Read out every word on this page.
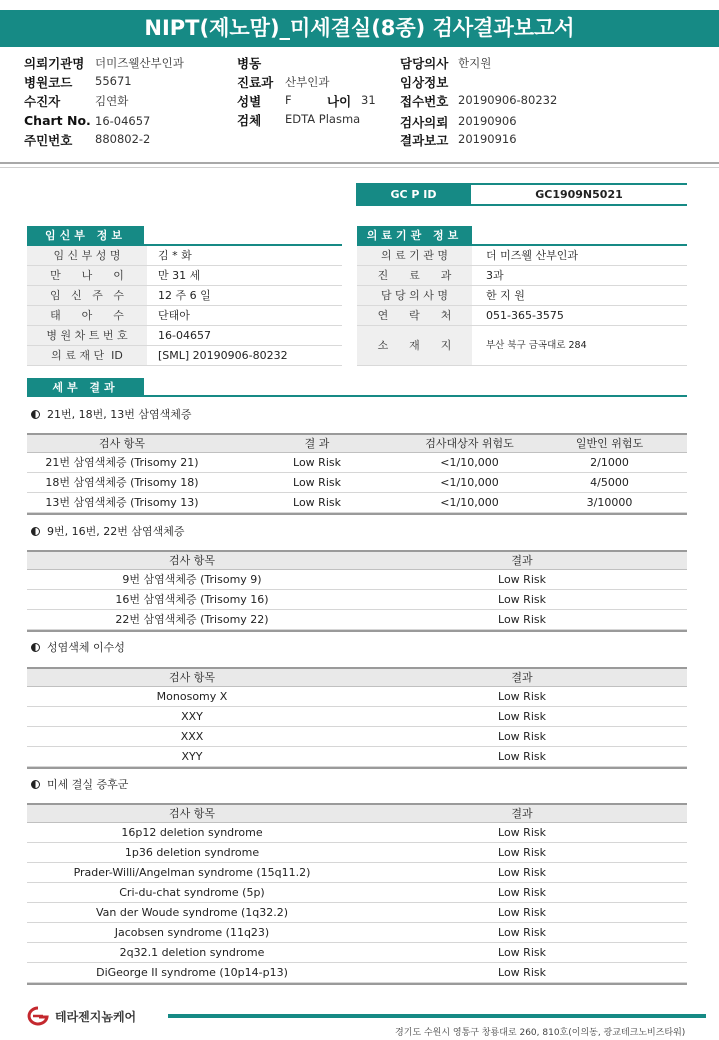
NIPT(제노맘)_미세결실(8종) 검사결과보고서
의뢰기관명 더미즈웰산부인과
병원코드 55671
수진자	김연화
Chart No. 16-04657
주민번호 880802-2
병동
진료과 산부인과
성별 F	나이 31
검체 EDTA Plasma
담당의사 한지원
임상정보
접수번호 20190906-80232
검사의뢰 20190906
결과보고 20190916
GC P ID	GC1909N5021
임신부 정보
임 신 부 성 명	김 * 화
만      나      이	만 31 세
임   신   주   수	12 주 6 일
태      아      수	단태아
병 원 차 트 번 호	16-04657
의 료 재 단  ID	[SML] 20190906-80232
의료기관 정보
의 료 기 관 명	더 미즈웰 산부인과
진      료      과	3과
담 당 의 사 명	한 지 원
연      락      처	051-365-3575
소      재      지	부산 북구 금곡대로 284
세부 결과
21번, 18번, 13번 삼염색체증
검사 항목	결 과	검사대상자 위험도	일반인 위험도
21번 삼염색체증 (Trisomy 21)	Low Risk	<1/10,000	2/1000
18번 삼염색체증 (Trisomy 18)	Low Risk	<1/10,000	4/5000
13번 삼염색체증 (Trisomy 13)	Low Risk	<1/10,000	3/10000
9번, 16번, 22번 삼염색체증
검사 항목	결과
9번 삼염색체증 (Trisomy 9)	Low Risk
16번 삼염색체증 (Trisomy 16)	Low Risk
22번 삼염색체증 (Trisomy 22)	Low Risk
성염색체 이수성
검사 항목	결과
Monosomy X	Low Risk
XXY	Low Risk
XXX	Low Risk
XYY	Low Risk
미세 결실 증후군
검사 항목	결과
16p12 deletion syndrome	Low Risk
1p36 deletion syndrome	Low Risk
Prader-Willi/Angelman syndrome (15q11.2)	Low Risk
Cri-du-chat syndrome (5p)	Low Risk
Van der Woude syndrome (1q32.2)	Low Risk
Jacobsen syndrome (11q23)	Low Risk
2q32.1 deletion syndrome	Low Risk
DiGeorge II syndrome (10p14-p13)	Low Risk
테라젠지놈케어
경기도 수원시 영통구 창룡대로 260, 810호(이의동, 광교테크노비즈타워)
